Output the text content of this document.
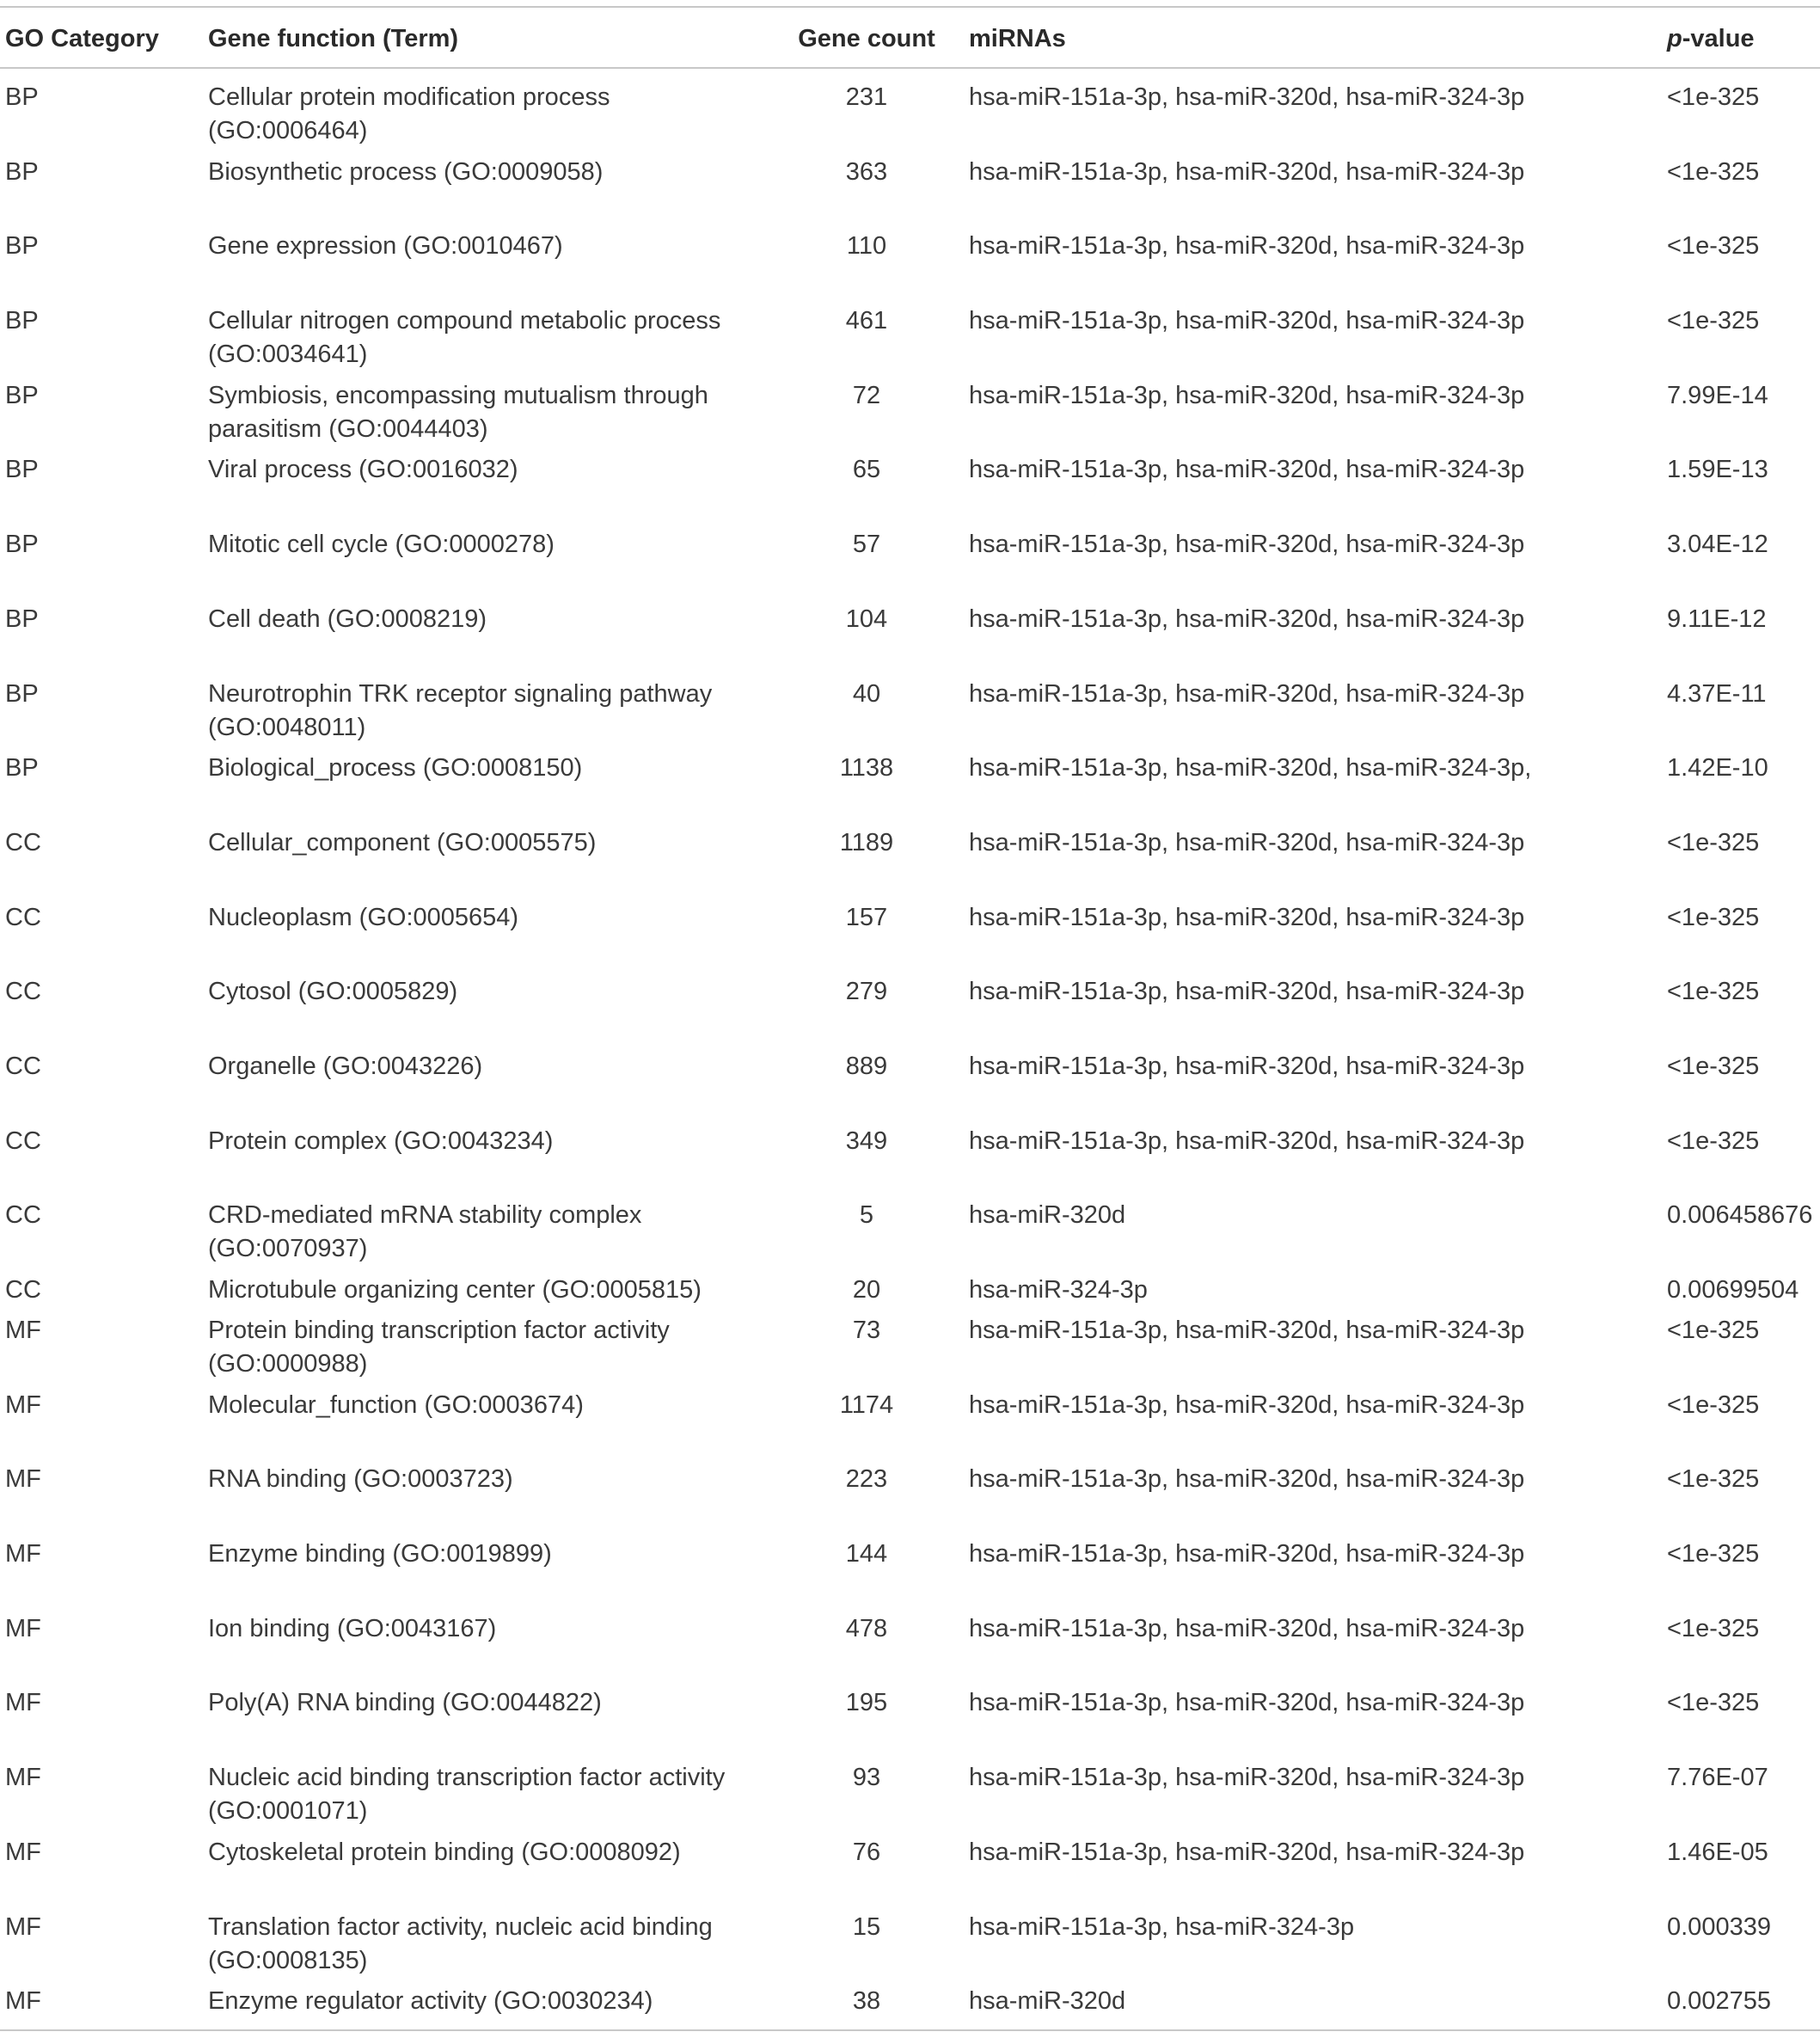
GO Category	Gene function (Term)	Gene count	miRNAs	p-value
BP	Cellular protein modification process (GO:0006464)	231	hsa-miR-151a-3p, hsa-miR-320d, hsa-miR-324-3p	<1e-325
BP	Biosynthetic process (GO:0009058)	363	hsa-miR-151a-3p, hsa-miR-320d, hsa-miR-324-3p	<1e-325
BP	Gene expression (GO:0010467)	110	hsa-miR-151a-3p, hsa-miR-320d, hsa-miR-324-3p	<1e-325
BP	Cellular nitrogen compound metabolic process (GO:0034641)	461	hsa-miR-151a-3p, hsa-miR-320d, hsa-miR-324-3p	<1e-325
BP	Symbiosis, encompassing mutualism through parasitism (GO:0044403)	72	hsa-miR-151a-3p, hsa-miR-320d, hsa-miR-324-3p	7.99E-14
BP	Viral process (GO:0016032)	65	hsa-miR-151a-3p, hsa-miR-320d, hsa-miR-324-3p	1.59E-13
BP	Mitotic cell cycle (GO:0000278)	57	hsa-miR-151a-3p, hsa-miR-320d, hsa-miR-324-3p	3.04E-12
BP	Cell death (GO:0008219)	104	hsa-miR-151a-3p, hsa-miR-320d, hsa-miR-324-3p	9.11E-12
BP	Neurotrophin TRK receptor signaling pathway (GO:0048011)	40	hsa-miR-151a-3p, hsa-miR-320d, hsa-miR-324-3p	4.37E-11
BP	Biological_process (GO:0008150)	1138	hsa-miR-151a-3p, hsa-miR-320d, hsa-miR-324-3p,	1.42E-10
CC	Cellular_component (GO:0005575)	1189	hsa-miR-151a-3p, hsa-miR-320d, hsa-miR-324-3p	<1e-325
CC	Nucleoplasm (GO:0005654)	157	hsa-miR-151a-3p, hsa-miR-320d, hsa-miR-324-3p	<1e-325
CC	Cytosol (GO:0005829)	279	hsa-miR-151a-3p, hsa-miR-320d, hsa-miR-324-3p	<1e-325
CC	Organelle (GO:0043226)	889	hsa-miR-151a-3p, hsa-miR-320d, hsa-miR-324-3p	<1e-325
CC	Protein complex (GO:0043234)	349	hsa-miR-151a-3p, hsa-miR-320d, hsa-miR-324-3p	<1e-325
CC	CRD-mediated mRNA stability complex (GO:0070937)	5	hsa-miR-320d	0.006458676
CC	Microtubule organizing center (GO:0005815)	20	hsa-miR-324-3p	0.00699504
MF	Protein binding transcription factor activity (GO:0000988)	73	hsa-miR-151a-3p, hsa-miR-320d, hsa-miR-324-3p	<1e-325
MF	Molecular_function (GO:0003674)	1174	hsa-miR-151a-3p, hsa-miR-320d, hsa-miR-324-3p	<1e-325
MF	RNA binding (GO:0003723)	223	hsa-miR-151a-3p, hsa-miR-320d, hsa-miR-324-3p	<1e-325
MF	Enzyme binding (GO:0019899)	144	hsa-miR-151a-3p, hsa-miR-320d, hsa-miR-324-3p	<1e-325
MF	Ion binding (GO:0043167)	478	hsa-miR-151a-3p, hsa-miR-320d, hsa-miR-324-3p	<1e-325
MF	Poly(A) RNA binding (GO:0044822)	195	hsa-miR-151a-3p, hsa-miR-320d, hsa-miR-324-3p	<1e-325
MF	Nucleic acid binding transcription factor activity (GO:0001071)	93	hsa-miR-151a-3p, hsa-miR-320d, hsa-miR-324-3p	7.76E-07
MF	Cytoskeletal protein binding (GO:0008092)	76	hsa-miR-151a-3p, hsa-miR-320d, hsa-miR-324-3p	1.46E-05
MF	Translation factor activity, nucleic acid binding (GO:0008135)	15	hsa-miR-151a-3p, hsa-miR-324-3p	0.000339
MF	Enzyme regulator activity (GO:0030234)	38	hsa-miR-320d	0.002755
